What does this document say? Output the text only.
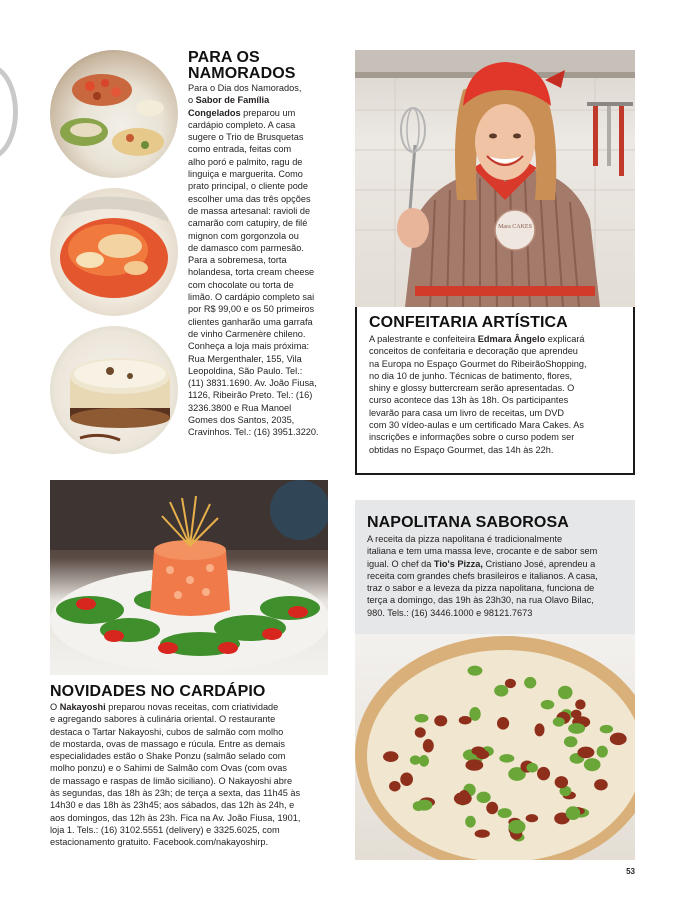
PARA OS
NAMORADOS
Para o Dia dos Namorados,
o Sabor de Família
Congelados preparou um
cardápio completo. A casa
sugere o Trio de Brusquetas
como entrada, feitas com
alho poró e palmito, ragu de
linguiça e marguerita. Como
prato principal, o cliente pode
escolher uma das três opções
de massa artesanal: ravioli de
camarão com catupiry, de filé
mignon com gorgonzola ou
de damasco com parmesão.
Para a sobremesa, torta
holandesa, torta cream cheese
com chocolate ou torta de
limão. O cardápio completo sai
por R$ 99,00 e os 50 primeiros
clientes ganharão uma garrafa
de vinho Carmenère chileno.
Conheça a loja mais próxima:
Rua Mergenthaler, 155, Vila
Leopoldina, São Paulo. Tel.:
(11) 3831.1690. Av. João Fiusa,
1126, Ribeirão Preto. Tel.: (16)
3236.3800 e Rua Manoel
Gomes dos Santos, 2035,
Cravinhos. Tel.: (16) 3951.3220.
Mara CAKES
CONFEITARIA ARTÍSTICA
A palestrante e confeiteira Edmara Ângelo explicará
conceitos de confeitaria e decoração que aprendeu
na Europa no Espaço Gourmet do RibeirãoShopping,
no dia 10 de junho. Técnicas de batimento, flores,
shiny e glossy buttercream serão apresentadas. O
curso acontece das 13h às 18h. Os participantes
levarão para casa um livro de receitas, um DVD
com 30 vídeo-aulas e um certificado Mara Cakes. As
inscrições e informações sobre o curso podem ser
obtidas no Espaço Gourmet, das 14h às 22h.
NAPOLITANA SABOROSA
A receita da pizza napolitana é tradicionalmente
italiana e tem uma massa leve, crocante e de sabor sem
igual. O chef da Tio's Pizza, Cristiano José, aprendeu a
receita com grandes chefs brasileiros e italianos. A casa,
traz o sabor e a leveza da pizza napolitana, funciona de
terça a domingo, das 19h às 23h30, na rua Olavo Bilac,
980. Tels.: (16) 3446.1000 e 98121.7673
NOVIDADES NO CARDÁPIO
O Nakayoshi preparou novas receitas, com criatividade
e agregando sabores à culinária oriental. O restaurante
destaca o Tartar Nakayoshi, cubos de salmão com molho
de mostarda, ovas de massago e rúcula. Entre as demais
especialidades estão o Shake Ponzu (salmão selado com
molho ponzu) e o Sahimi de Salmão com Ovas (com ovas
de massago e raspas de limão siciliano). O Nakayoshi abre
às segundas, das 18h às 23h; de terça a sexta, das 11h45 às
14h30 e das 18h às 23h45; aos sábados, das 12h às 24h, e
aos domingos, das 12h às 23h. Fica na Av. João Fiusa, 1901,
loja 1. Tels.: (16) 3102.5551 (delivery) e 3325.6025, com
estacionamento gratuito. Facebook.com/nakayoshirp.
53
